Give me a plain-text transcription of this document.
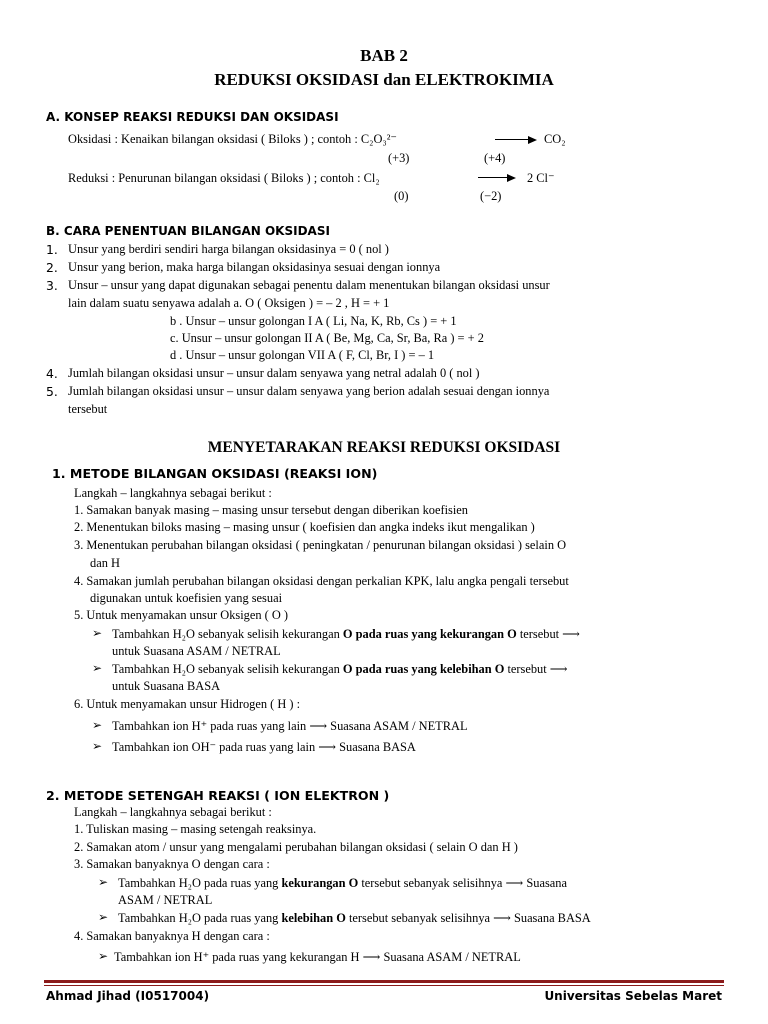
BAB 2
REDUKSI OKSIDASI dan ELEKTROKIMIA
A. KONSEP REAKSI REDUKSI DAN OKSIDASI
Oksidasi : Kenaikan bilangan oksidasi ( Biloks ) ; contoh : C₂O₃²⁻	CO₂
(+3)	(+4)
Reduksi : Penurunan bilangan oksidasi ( Biloks ) ; contoh : Cl₂	2 Cl⁻
(0)	(−2)
B. CARA PENENTUAN BILANGAN OKSIDASI
1. Unsur yang berdiri sendiri harga bilangan oksidasinya = 0 ( nol )
2. Unsur yang berion, maka harga bilangan oksidasinya sesuai dengan ionnya
3. Unsur – unsur yang dapat digunakan sebagai penentu dalam menentukan bilangan oksidasi unsur
lain dalam suatu senyawa adalah a. O ( Oksigen ) = – 2 , H = + 1
b . Unsur – unsur golongan I A ( Li, Na, K, Rb, Cs ) = + 1
c. Unsur – unsur golongan II A ( Be, Mg, Ca, Sr, Ba, Ra ) = + 2
d . Unsur – unsur golongan VII A ( F, Cl, Br, I ) = – 1
4. Jumlah bilangan oksidasi unsur – unsur dalam senyawa yang netral adalah 0 ( nol )
5. Jumlah bilangan oksidasi unsur – unsur dalam senyawa yang berion adalah sesuai dengan ionnya
tersebut
MENYETARAKAN REAKSI REDUKSI OKSIDASI
1. METODE BILANGAN OKSIDASI (REAKSI ION)
Langkah – langkahnya sebagai berikut :
1. Samakan banyak masing – masing unsur tersebut dengan diberikan koefisien
2. Menentukan biloks masing – masing unsur ( koefisien dan angka indeks ikut mengalikan )
3. Menentukan perubahan bilangan oksidasi ( peningkatan / penurunan bilangan oksidasi ) selain O
dan H
4. Samakan jumlah perubahan bilangan oksidasi dengan perkalian KPK, lalu angka pengali tersebut
digunakan untuk koefisien yang sesuai
5. Untuk menyamakan unsur Oksigen ( O )
➢ Tambahkan H₂O sebanyak selisih kekurangan O pada ruas yang kekurangan O tersebut ⟶
untuk Suasana ASAM / NETRAL
➢ Tambahkan H₂O sebanyak selisih kekurangan O pada ruas yang kelebihan O tersebut ⟶
untuk Suasana BASA
6. Untuk menyamakan unsur Hidrogen ( H ) :
➢ Tambahkan ion H⁺ pada ruas yang lain ⟶ Suasana ASAM / NETRAL
➢ Tambahkan ion OH⁻ pada ruas yang lain ⟶ Suasana BASA
2. METODE SETENGAH REAKSI ( ION ELEKTRON )
Langkah – langkahnya sebagai berikut :
1. Tuliskan masing – masing setengah reaksinya.
2. Samakan atom / unsur yang mengalami perubahan bilangan oksidasi ( selain O dan H )
3. Samakan banyaknya O dengan cara :
➢ Tambahkan H₂O pada ruas yang kekurangan O tersebut sebanyak selisihnya ⟶ Suasana
ASAM / NETRAL
➢ Tambahkan H₂O pada ruas yang kelebihan O tersebut sebanyak selisihnya ⟶ Suasana BASA
4. Samakan banyaknya H dengan cara :
➢ Tambahkan ion H⁺ pada ruas yang kekurangan H ⟶ Suasana ASAM / NETRAL
Ahmad Jihad (I0517004)	Universitas Sebelas Maret
